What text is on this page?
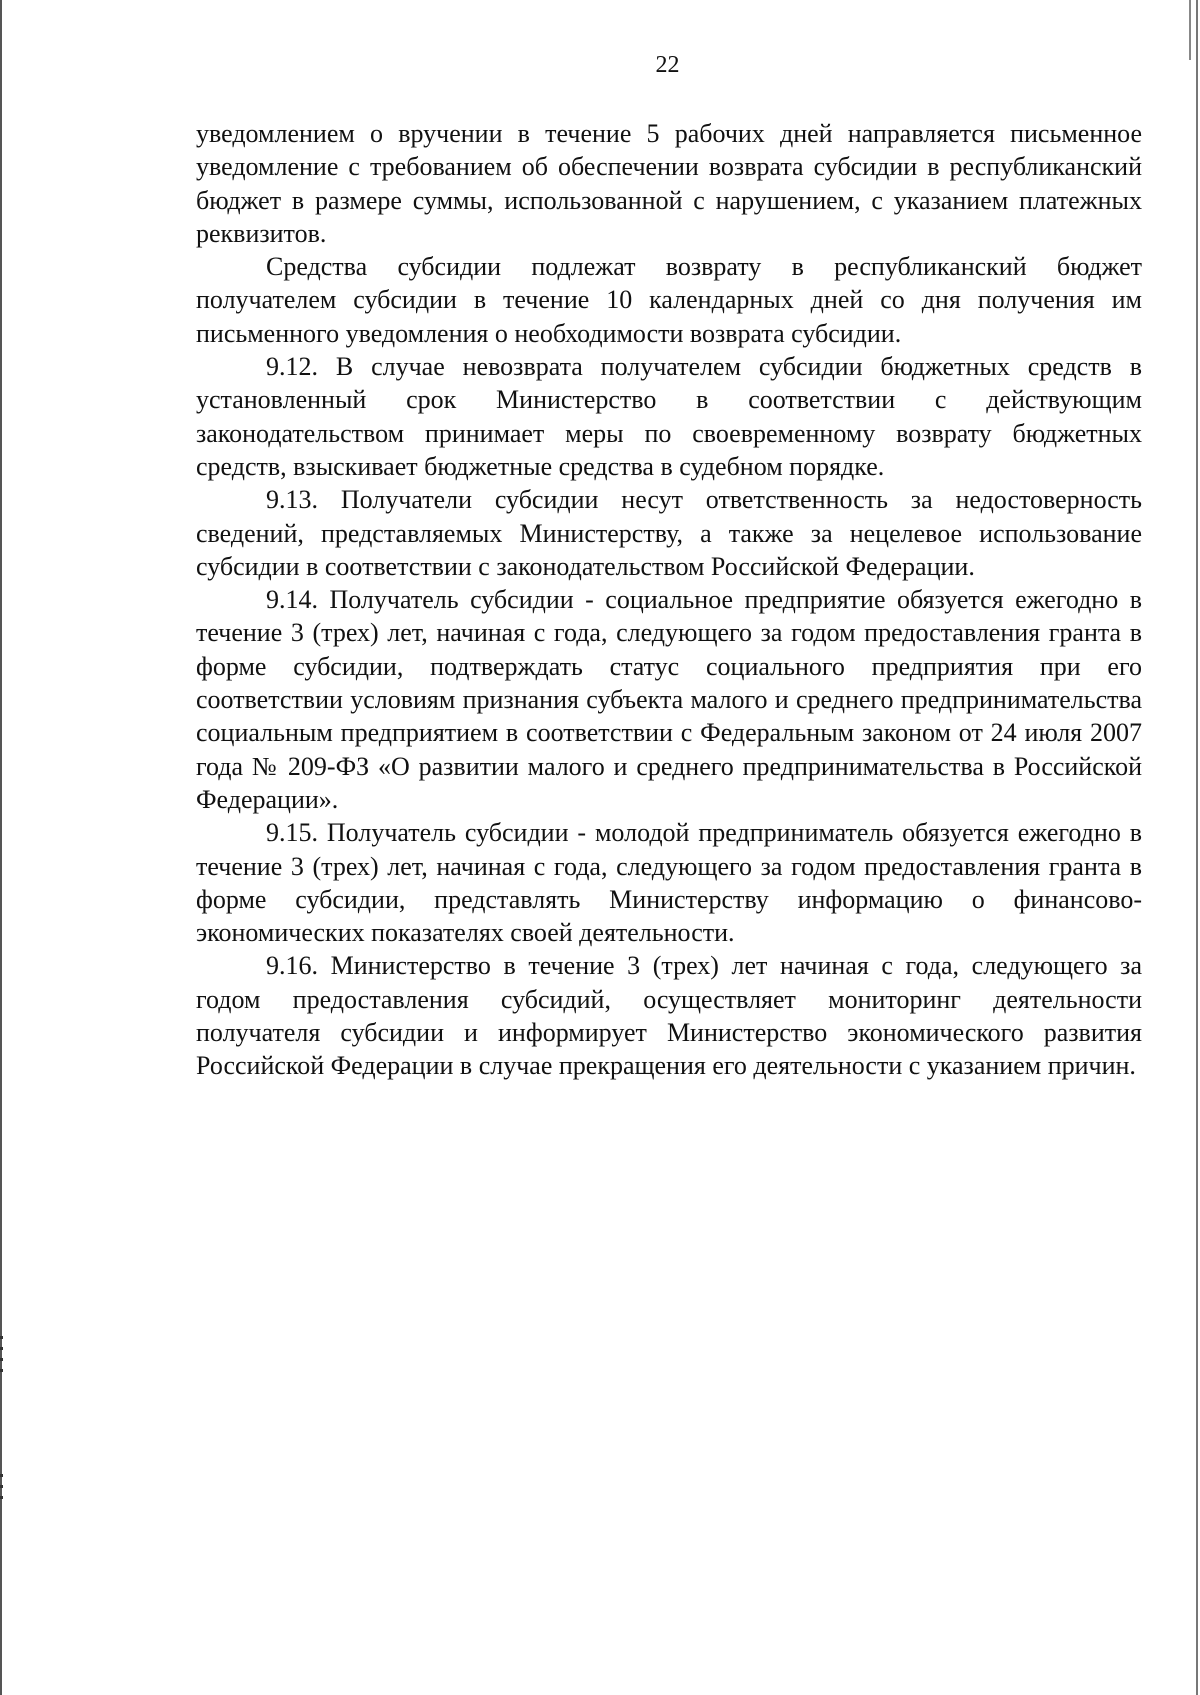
22

уведомлением о вручении в течение 5 рабочих дней направляется письменное уведомление с требованием об обеспечении возврата субсидии в республиканский бюджет в размере суммы, использованной с нарушением, с указанием платежных реквизитов.

Средства субсидии подлежат возврату в республиканский бюджет получателем субсидии в течение 10 календарных дней со дня получения им письменного уведомления о необходимости возврата субсидии.

9.12. В случае невозврата получателем субсидии бюджетных средств в установленный срок Министерство в соответствии с действующим законодательством принимает меры по своевременному возврату бюджетных средств, взыскивает бюджетные средства в судебном порядке.

9.13. Получатели субсидии несут ответственность за недостоверность сведений, представляемых Министерству, а также за нецелевое использование субсидии в соответствии с законодательством Российской Федерации.

9.14. Получатель субсидии - социальное предприятие обязуется ежегодно в течение 3 (трех) лет, начиная с года, следующего за годом предоставления гранта в форме субсидии, подтверждать статус социального предприятия при его соответствии условиям признания субъекта малого и среднего предпринимательства социальным предприятием в соответствии с Федеральным законом от 24 июля 2007 года № 209-ФЗ «О развитии малого и среднего предпринимательства в Российской Федерации».

9.15. Получатель субсидии - молодой предприниматель обязуется ежегодно в течение 3 (трех) лет, начиная с года, следующего за годом предоставления гранта в форме субсидии, представлять Министерству информацию о финансово-экономических показателях своей деятельности.

9.16. Министерство в течение 3 (трех) лет начиная с года, следующего за годом предоставления субсидий, осуществляет мониторинг деятельности получателя субсидии и информирует Министерство экономического развития Российской Федерации в случае прекращения его деятельности с указанием причин.
